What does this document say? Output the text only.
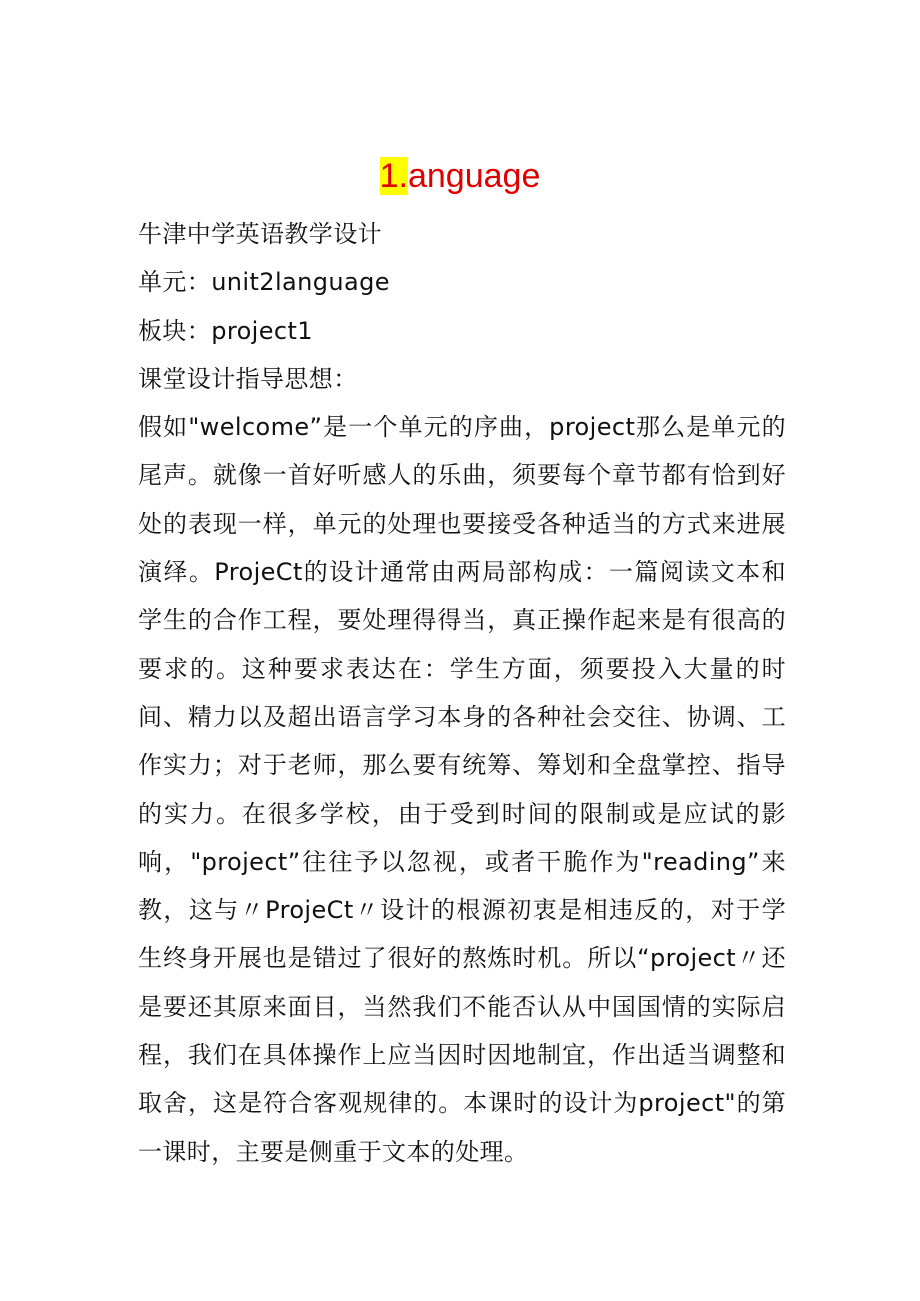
1.anguage
牛津中学英语教学设计
单元：unit2language
板块：project1
课堂设计指导思想：
假如"welcome”是一个单元的序曲，project那么是单元的尾声。就像一首好听感人的乐曲，须要每个章节都有恰到好处的表现一样，单元的处理也要接受各种适当的方式来进展演绎。ProjeCt的设计通常由两局部构成：一篇阅读文本和学生的合作工程，要处理得得当，真正操作起来是有很高的要求的。这种要求表达在：学生方面，须要投入大量的时间、精力以及超出语言学习本身的各种社会交往、协调、工作实力；对于老师，那么要有统筹、筹划和全盘掌控、指导的实力。在很多学校，由于受到时间的限制或是应试的影响，"project”往往予以忽视，或者干脆作为"reading”来教，这与〃ProjeCt〃设计的根源初衷是相违反的，对于学生终身开展也是错过了很好的熬炼时机。所以“project〃还是要还其原来面目，当然我们不能否认从中国国情的实际启程，我们在具体操作上应当因时因地制宜，作出适当调整和取舍，这是符合客观规律的。本课时的设计为project"的第一课时，主要是侧重于文本的处理。
